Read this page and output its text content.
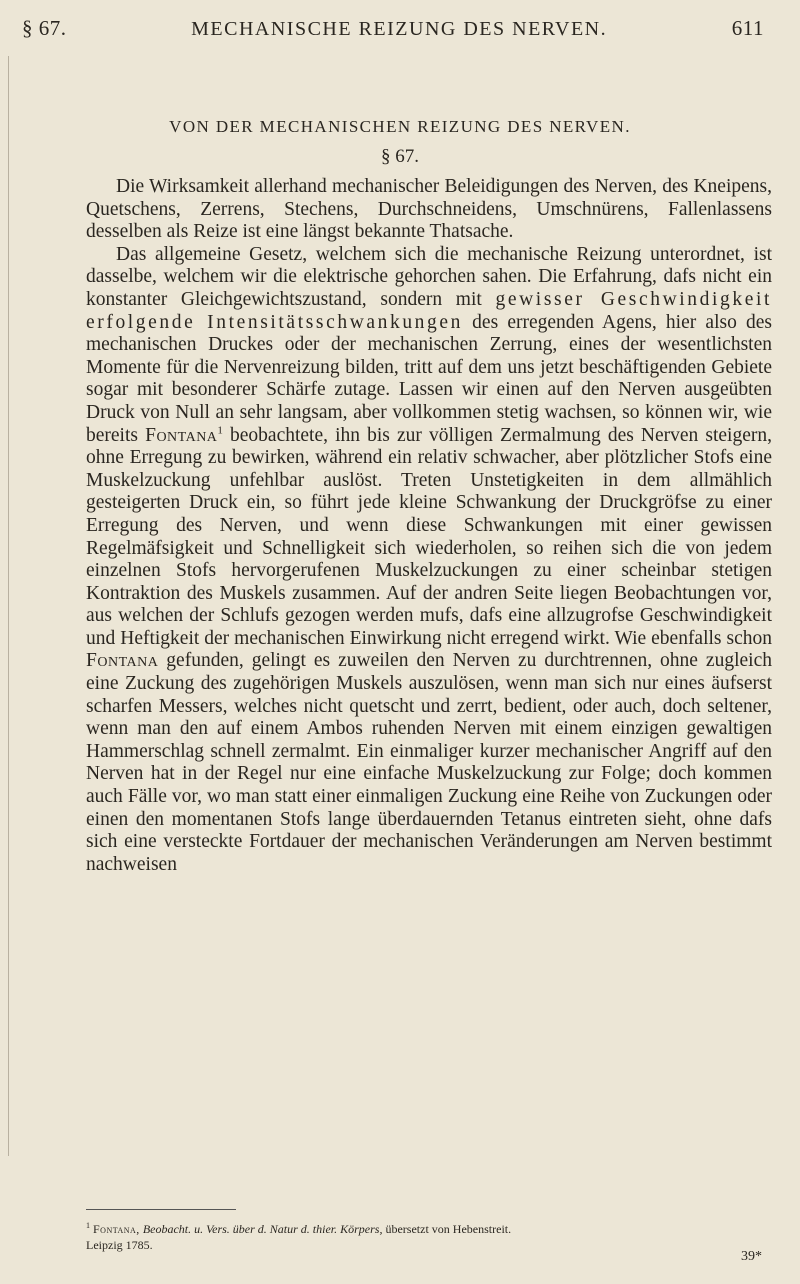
§ 67.	MECHANISCHE REIZUNG DES NERVEN.	611
VON DER MECHANISCHEN REIZUNG DES NERVEN.
§ 67.

Die Wirksamkeit allerhand mechanischer Beleidigungen des Nerven, des Kneipens, Quetschens, Zerrens, Stechens, Durchschneidens, Umschnürens, Fallenlassens desselben als Reize ist eine längst bekannte Thatsache.

Das allgemeine Gesetz, welchem sich die mechanische Reizung unterordnet, ist dasselbe, welchem wir die elektrische gehorchen sahen. Die Erfahrung, dafs nicht ein konstanter Gleichgewichtszustand, sondern mit gewisser Geschwindigkeit erfolgende Intensitätsschwankungen des erregenden Agens, hier also des mechanischen Druckes oder der mechanischen Zerrung, eines der wesentlichsten Momente für die Nervenreizung bilden, tritt auf dem uns jetzt beschäftigenden Gebiete sogar mit besonderer Schärfe zutage. Lassen wir einen auf den Nerven ausgeübten Druck von Null an sehr langsam, aber vollkommen stetig wachsen, so können wir, wie bereits Fontana$^1$ beobachtete, ihn bis zur völligen Zermalmung des Nerven steigern, ohne Erregung zu bewirken, während ein relativ schwacher, aber plötzlicher Stofs eine Muskelzuckung unfehlbar auslöst. Treten Unstetigkeiten in dem allmählich gesteigerten Druck ein, so führt jede kleine Schwankung der Druckgröfse zu einer Erregung des Nerven, und wenn diese Schwankungen mit einer gewissen Regelmäfsigkeit und Schnelligkeit sich wiederholen, so reihen sich die von jedem einzelnen Stofs hervorgerufenen Muskelzuckungen zu einer scheinbar stetigen Kontraktion des Muskels zusammen. Auf der andren Seite liegen Beobachtungen vor, aus welchen der Schlufs gezogen werden mufs, dafs eine allzugrofse Geschwindigkeit und Heftigkeit der mechanischen Einwirkung nicht erregend wirkt. Wie ebenfalls schon Fontana gefunden, gelingt es zuweilen den Nerven zu durchtrennen, ohne zugleich eine Zuckung des zugehörigen Muskels auszulösen, wenn man sich nur eines äufserst scharfen Messers, welches nicht quetscht und zerrt, bedient, oder auch, doch seltener, wenn man den auf einem Ambos ruhenden Nerven mit einem einzigen gewaltigen Hammerschlag schnell zermalmt. Ein einmaliger kurzer mechanischer Angriff auf den Nerven hat in der Regel nur eine einfache Muskelzuckung zur Folge; doch kommen auch Fälle vor, wo man statt einer einmaligen Zuckung eine Reihe von Zuckungen oder einen den momentanen Stofs lange überdauernden Tetanus eintreten sieht, ohne dafs sich eine versteckte Fortdauer der mechanischen Veränderungen am Nerven bestimmt nachweisen

$^1$ Fontana, Beobacht. u. Vers. über d. Natur d. thier. Körpers, übersetzt von Hebenstreit.
Leipzig 1785.
39*
